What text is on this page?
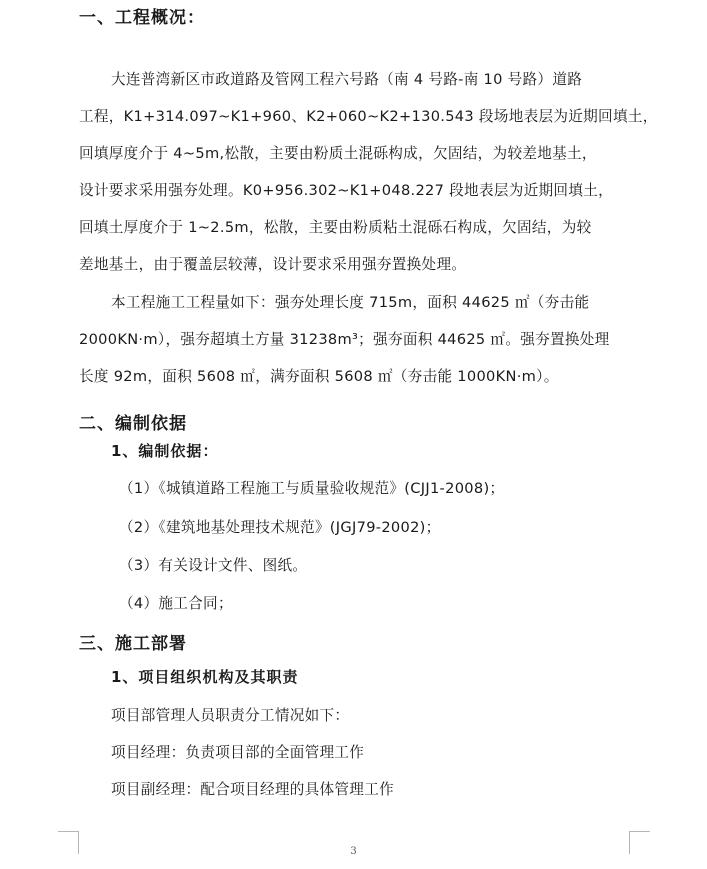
一、工程概况：
大连普湾新区市政道路及管网工程六号路（南 4 号路-南 10 号路）道路
工程，K1+314.097~K1+960、K2+060~K2+130.543 段场地表层为近期回填土，
回填厚度介于 4~5m,松散，主要由粉质土混砾构成，欠固结，为较差地基土，
设计要求采用强夯处理。K0+956.302~K1+048.227 段地表层为近期回填土，
回填土厚度介于 1~2.5m，松散，主要由粉质粘土混砾石构成，欠固结，为较
差地基土，由于覆盖层较薄，设计要求采用强夯置换处理。
本工程施工工程量如下：强夯处理长度 715m，面积 44625 ㎡（夯击能
2000KN·m），强夯超填土方量 31238m³；强夯面积 44625 ㎡。强夯置换处理
长度 92m，面积 5608 ㎡，满夯面积 5608 ㎡（夯击能 1000KN·m）。
二、编制依据
1、编制依据：
（1）《城镇道路工程施工与质量验收规范》(CJJ1-2008)；
（2）《建筑地基处理技术规范》(JGJ79-2002)；
（3）有关设计文件、图纸。
（4）施工合同；
三、施工部署
1、项目组织机构及其职责
项目部管理人员职责分工情况如下：
项目经理：负责项目部的全面管理工作
项目副经理：配合项目经理的具体管理工作
3
